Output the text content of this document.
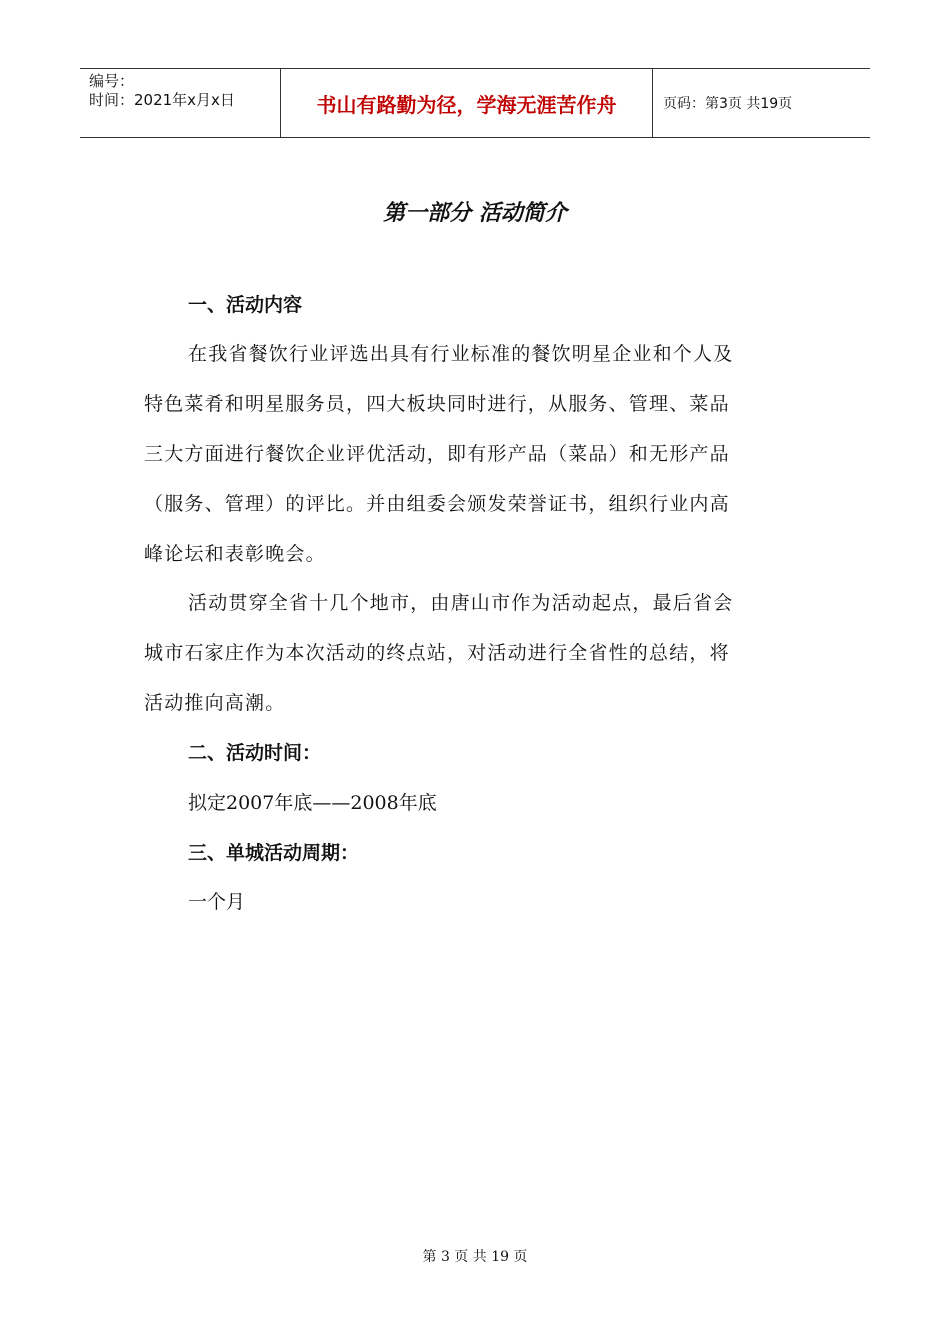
编号：
时间：2021年x月x日	书山有路勤为径，学海无涯苦作舟	页码：第3页 共19页
第一部分 活动简介
一、活动内容
在我省餐饮行业评选出具有行业标准的餐饮明星企业和个人及
特色菜肴和明星服务员，四大板块同时进行，从服务、管理、菜品
三大方面进行餐饮企业评优活动，即有形产品（菜品）和无形产品
（服务、管理）的评比。并由组委会颁发荣誉证书，组织行业内高
峰论坛和表彰晚会。
活动贯穿全省十几个地市，由唐山市作为活动起点，最后省会
城市石家庄作为本次活动的终点站，对活动进行全省性的总结，将
活动推向高潮。
二、活动时间：
拟定2007年底——2008年底
三、单城活动周期：
一个月
第 3 页 共 19 页
